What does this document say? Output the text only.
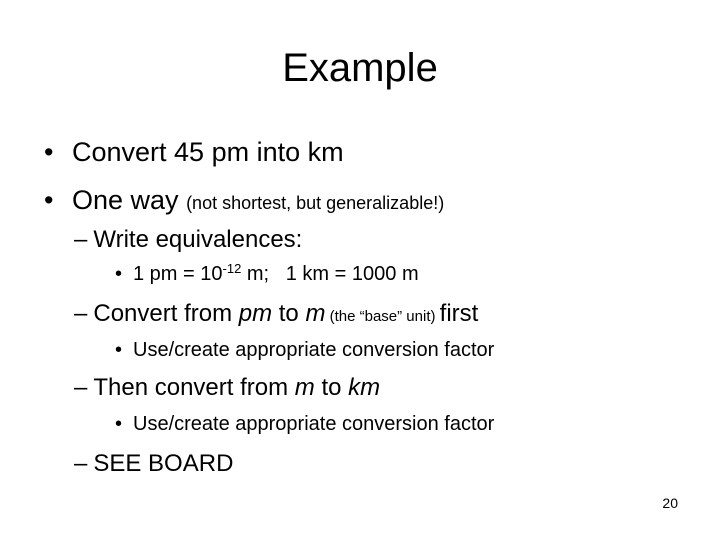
Example
• Convert 45 pm into km
• One way (not shortest, but generalizable!)
– Write equivalences:
• 1 pm = $10^{-12}$ m;   1 km = 1000 m
– Convert from pm to m (the “base” unit) first
• Use/create appropriate conversion factor
– Then convert from m to km
• Use/create appropriate conversion factor
– SEE BOARD
20
